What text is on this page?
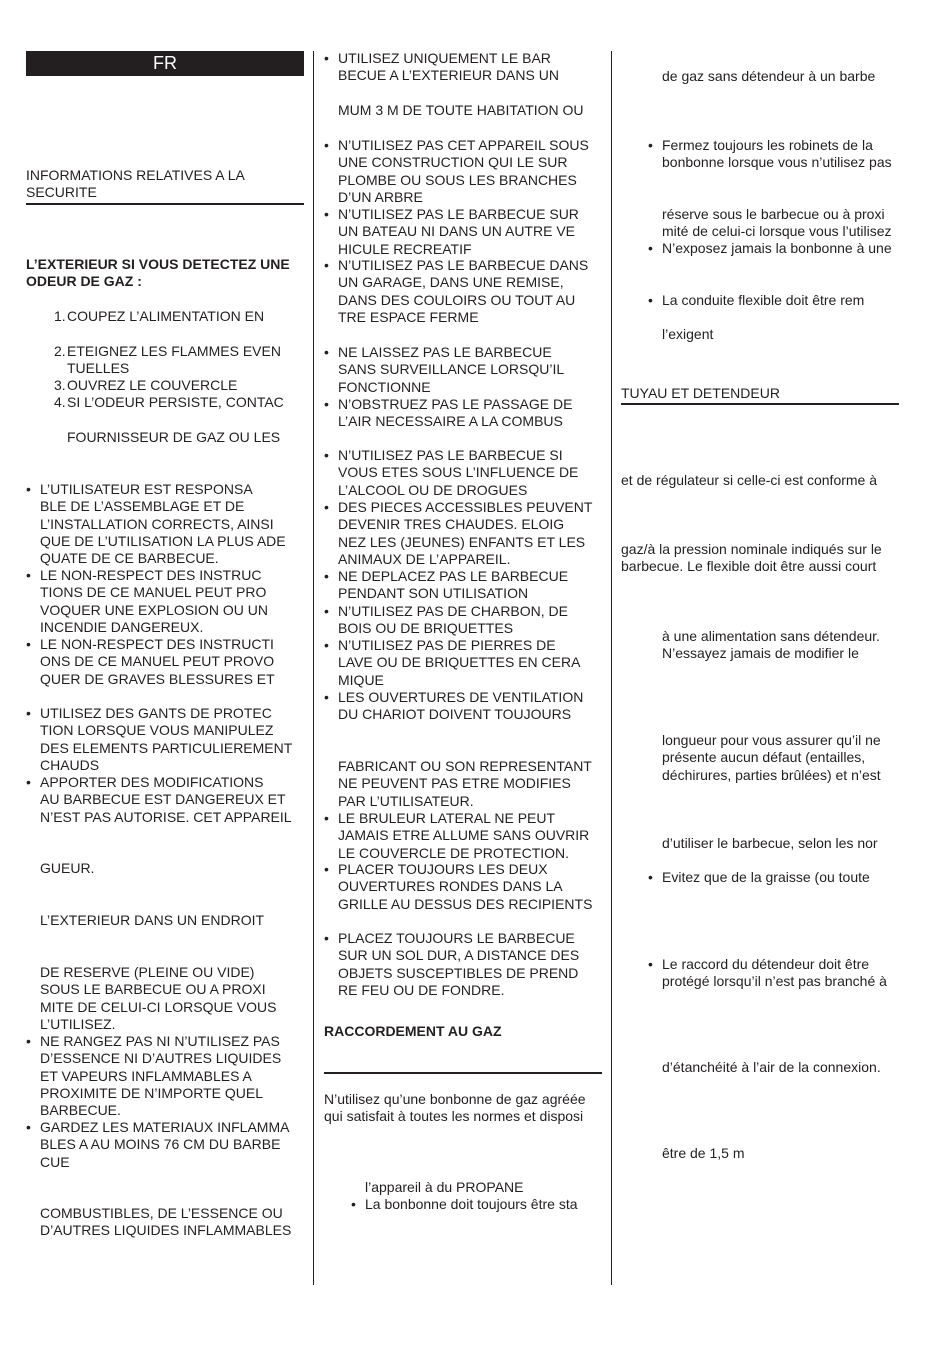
FR
INFORMATIONS RELATIVES A LA
SECURITE
L’EXTERIEUR SI VOUS DETECTEZ UNE
ODEUR DE GAZ :
1. COUPEZ L’ALIMENTATION EN
2. ETEIGNEZ LES FLAMMES EVEN
TUELLES
3. OUVREZ LE COUVERCLE
4. SI L’ODEUR PERSISTE, CONTAC
FOURNISSEUR DE GAZ OU LES
• L’UTILISATEUR EST RESPONSA
BLE DE L’ASSEMBLAGE ET DE
L’INSTALLATION CORRECTS, AINSI
QUE DE L’UTILISATION LA PLUS ADE
QUATE DE CE BARBECUE.
• LE NON-RESPECT DES INSTRUC
TIONS DE CE MANUEL PEUT PRO
VOQUER UNE EXPLOSION OU UN
INCENDIE DANGEREUX.
• LE NON-RESPECT DES INSTRUCTI
ONS DE CE MANUEL PEUT PROVO
QUER DE GRAVES BLESSURES ET
• UTILISEZ DES GANTS DE PROTEC
TION LORSQUE VOUS MANIPULEZ
DES ELEMENTS PARTICULIEREMENT
CHAUDS
• APPORTER DES MODIFICATIONS
AU BARBECUE EST DANGEREUX ET
N’EST PAS AUTORISE. CET APPAREIL
GUEUR.
L’EXTERIEUR DANS UN ENDROIT
DE RESERVE (PLEINE OU VIDE)
SOUS LE BARBECUE OU A PROXI
MITE DE CELUI-CI LORSQUE VOUS
L’UTILISEZ.
• NE RANGEZ PAS NI N’UTILISEZ PAS
D’ESSENCE NI D’AUTRES LIQUIDES
ET VAPEURS INFLAMMABLES A
PROXIMITE DE N’IMPORTE QUEL
BARBECUE.
• GARDEZ LES MATERIAUX INFLAMMA
BLES A AU MOINS 76 CM DU BARBE
CUE
COMBUSTIBLES, DE L’ESSENCE OU
D’AUTRES LIQUIDES INFLAMMABLES
• UTILISEZ UNIQUEMENT LE BAR
BECUE A L’EXTERIEUR DANS UN
MUM 3 M DE TOUTE HABITATION OU
• N’UTILISEZ PAS CET APPAREIL SOUS
UNE CONSTRUCTION QUI LE SUR
PLOMBE OU SOUS LES BRANCHES
D’UN ARBRE
• N’UTILISEZ PAS LE BARBECUE SUR
UN BATEAU NI DANS UN AUTRE VE
HICULE RECREATIF
• N’UTILISEZ PAS LE BARBECUE DANS
UN GARAGE, DANS UNE REMISE,
DANS DES COULOIRS OU TOUT AU
TRE ESPACE FERME
• NE LAISSEZ PAS LE BARBECUE
SANS SURVEILLANCE LORSQU’IL
FONCTIONNE
• N’OBSTRUEZ PAS LE PASSAGE DE
L’AIR NECESSAIRE A LA COMBUS
• N’UTILISEZ PAS LE BARBECUE SI
VOUS ETES SOUS L’INFLUENCE DE
L’ALCOOL OU DE DROGUES
• DES PIECES ACCESSIBLES PEUVENT
DEVENIR TRES CHAUDES. ELOIG
NEZ LES (JEUNES) ENFANTS ET LES
ANIMAUX DE L’APPAREIL.
• NE DEPLACEZ PAS LE BARBECUE
PENDANT SON UTILISATION
• N’UTILISEZ PAS DE CHARBON, DE
BOIS OU DE BRIQUETTES
• N’UTILISEZ PAS DE PIERRES DE
LAVE OU DE BRIQUETTES EN CERA
MIQUE
• LES OUVERTURES DE VENTILATION
DU CHARIOT DOIVENT TOUJOURS
FABRICANT OU SON REPRESENTANT
NE PEUVENT PAS ETRE MODIFIES
PAR L’UTILISATEUR.
• LE BRULEUR LATERAL NE PEUT
JAMAIS ETRE ALLUME SANS OUVRIR
LE COUVERCLE DE PROTECTION.
• PLACER TOUJOURS LES DEUX
OUVERTURES RONDES DANS LA
GRILLE AU DESSUS DES RECIPIENTS
• PLACEZ TOUJOURS LE BARBECUE
SUR UN SOL DUR, A DISTANCE DES
OBJETS SUSCEPTIBLES DE PREND
RE FEU OU DE FONDRE.
RACCORDEMENT AU GAZ
N’utilisez qu’une bonbonne de gaz agréée
qui satisfait à toutes les normes et disposi
l’appareil à du PROPANE
• La bonbonne doit toujours être sta
de gaz sans détendeur à un barbe
• Fermez toujours les robinets de la
bonbonne lorsque vous n’utilisez pas
réserve sous le barbecue ou à proxi
mité de celui-ci lorsque vous l’utilisez
• N’exposez jamais la bonbonne à une
• La conduite flexible doit être rem
l’exigent
TUYAU ET DETENDEUR
et de régulateur si celle-ci est conforme à
gaz/à la pression nominale indiqués sur le
barbecue. Le flexible doit être aussi court
à une alimentation sans détendeur.
N’essayez jamais de modifier le
longueur pour vous assurer qu’il ne
présente aucun défaut (entailles,
déchirures, parties brûlées) et n’est
d’utiliser le barbecue, selon les nor
• Evitez que de la graisse (ou toute
• Le raccord du détendeur doit être
protégé lorsqu’il n’est pas branché à
d’étanchéité à l’air de la connexion.
être de 1,5 m
